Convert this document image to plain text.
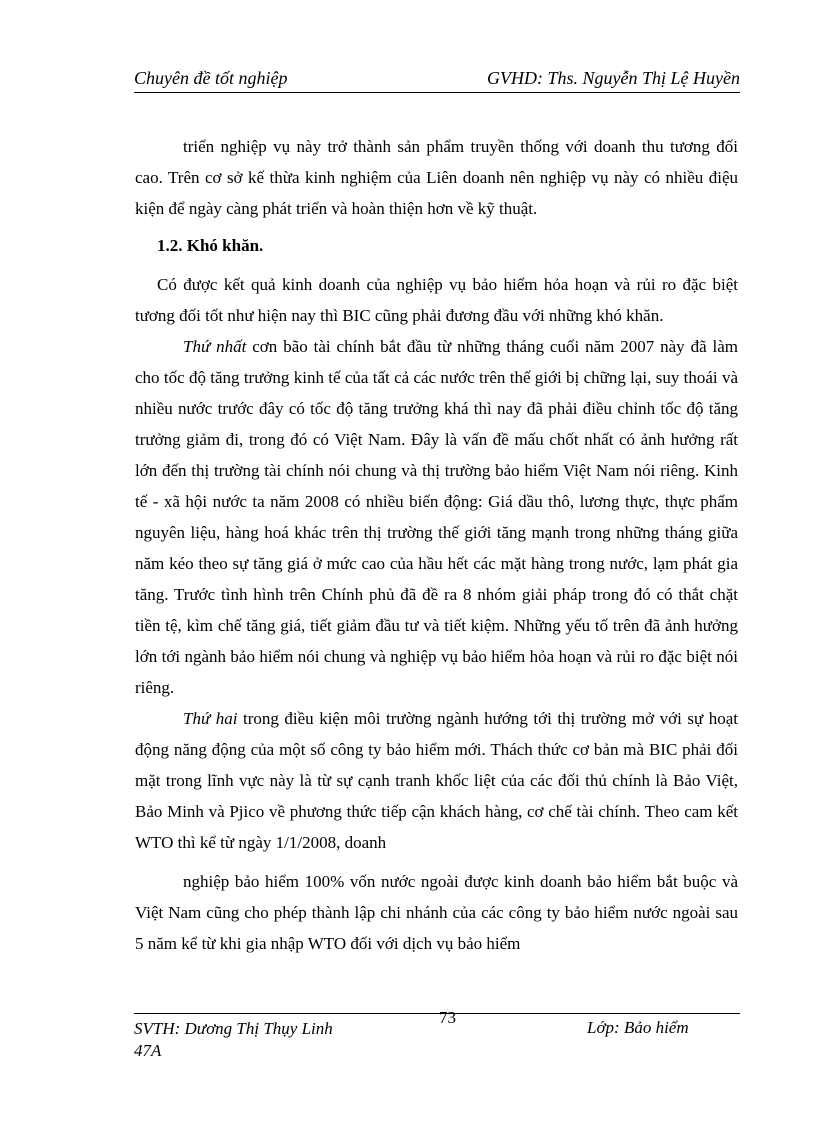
Chuyên đề tốt nghiệp	GVHD: Ths. Nguyễn Thị Lệ Huyền

triển nghiệp vụ này trở thành sản phẩm truyền thống với doanh thu tương đối cao. Trên cơ sở kế thừa kinh nghiệm của Liên doanh nên nghiệp vụ này có nhiều điệu kiện để ngày càng phát triển và hoàn thiện hơn về kỹ thuật.

1.2. Khó khăn.

Có được kết quả kinh doanh của nghiệp vụ bảo hiểm hỏa hoạn và rủi ro đặc biệt tương đối tốt như hiện nay thì BIC cũng phải đương đầu với những khó khăn.

Thứ nhất cơn bão tài chính bắt đầu từ những tháng cuối năm 2007 này đã làm cho tốc độ tăng trưởng kinh tế của tất cả các nước trên thế giới bị chững lại, suy thoái và nhiều nước trước đây có tốc độ tăng trưởng khá thì nay đã phải điều chỉnh tốc độ tăng trưởng giảm đi, trong đó có Việt Nam. Đây là vấn đề mấu chốt nhất có ảnh hưởng rất lớn đến thị trường tài chính nói chung và thị trường bảo hiểm Việt Nam nói riêng. Kinh tế - xã hội nước ta năm 2008 có nhiều biến động: Giá dầu thô, lương thực, thực phẩm nguyên liệu, hàng hoá khác trên thị trường thế giới tăng mạnh trong những tháng giữa năm kéo theo sự tăng giá ở mức cao của hầu hết các mặt hàng trong nước, lạm phát gia tăng. Trước tình hình trên Chính phủ đã đề ra 8 nhóm giải pháp trong đó có thắt chặt tiền tệ, kìm chế tăng giá, tiết giảm đầu tư và tiết kiệm. Những yếu tố trên đã ảnh hưởng lớn tới ngành bảo hiểm nói chung và nghiệp vụ bảo hiểm hỏa hoạn và rủi ro đặc biệt nói riêng.

Thứ hai trong điều kiện môi trường ngành hướng tới thị trường mở với sự hoạt động năng động của một số công ty bảo hiểm mới. Thách thức cơ bản mà BIC phải đối mặt trong lĩnh vực này là từ sự cạnh tranh khốc liệt của các đối thủ chính là Bảo Việt, Bảo Minh và Pjico về phương thức tiếp cận khách hàng, cơ chế tài chính. Theo cam kết WTO thì kể từ ngày 1/1/2008, doanh

nghiệp bảo hiểm 100% vốn nước ngoài được kinh doanh bảo hiểm bắt buộc và Việt Nam cũng cho phép thành lập chi nhánh của các công ty bảo hiểm nước ngoài sau 5 năm kể từ khi gia nhập WTO đối với dịch vụ bảo hiểm

SVTH: Dương Thị Thụy Linh
47A
73
Lớp: Bảo hiểm
